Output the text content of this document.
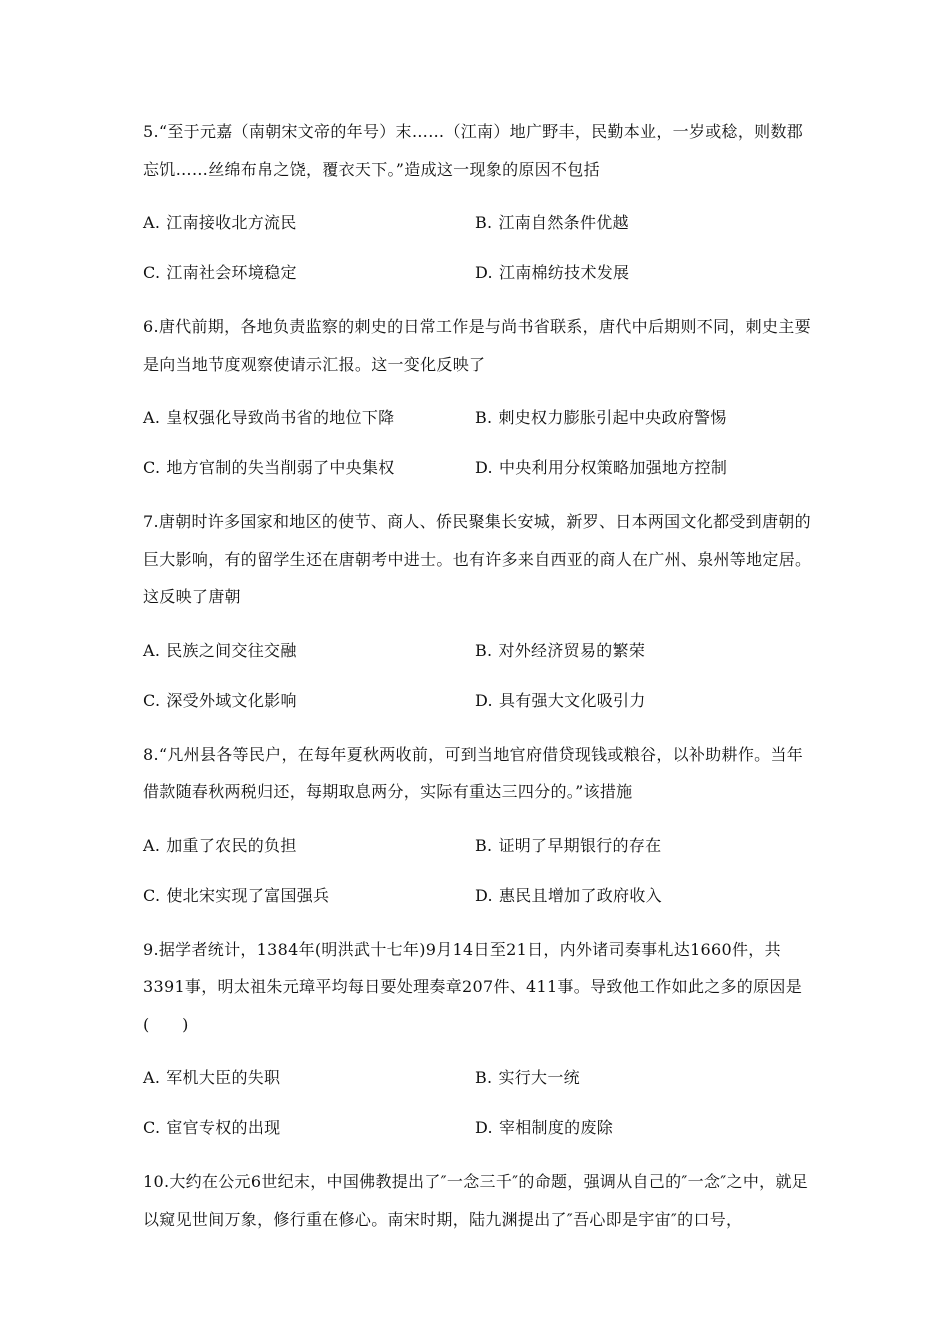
5.“至于元嘉（南朝宋文帝的年号）末……（江南）地广野丰，民勤本业，一岁或稔，则数郡忘饥……丝绵布帛之饶，覆衣天下。”造成这一现象的原因不包括

A. 江南接收北方流民	B. 江南自然条件优越
C. 江南社会环境稳定	D. 江南棉纺技术发展

6.唐代前期，各地负责监察的刺史的日常工作是与尚书省联系，唐代中后期则不同，刺史主要是向当地节度观察使请示汇报。这一变化反映了

A. 皇权强化导致尚书省的地位下降	B. 刺史权力膨胀引起中央政府警惕
C. 地方官制的失当削弱了中央集权	D. 中央利用分权策略加强地方控制

7.唐朝时许多国家和地区的使节、商人、侨民聚集长安城，新罗、日本两国文化都受到唐朝的巨大影响，有的留学生还在唐朝考中进士。也有许多来自西亚的商人在广州、泉州等地定居。这反映了唐朝

A. 民族之间交往交融	B. 对外经济贸易的繁荣
C. 深受外域文化影响	D. 具有强大文化吸引力

8.“凡州县各等民户，在每年夏秋两收前，可到当地官府借贷现钱或粮谷，以补助耕作。当年借款随春秋两税归还，每期取息两分，实际有重达三四分的。”该措施

A. 加重了农民的负担	B. 证明了早期银行的存在
C. 使北宋实现了富国强兵	D. 惠民且增加了政府收入

9.据学者统计，1384年(明洪武十七年)9月14日至21日，内外诸司奏事札达1660件，共3391事，明太祖朱元璋平均每日要处理奏章207件、411事。导致他工作如此之多的原因是(　　)

A. 军机大臣的失职	B. 实行大一统
C. 宦官专权的出现	D. 宰相制度的废除

10.大约在公元6世纪末，中国佛教提出了″一念三千″的命题，强调从自己的″一念″之中，就足以窥见世间万象，修行重在修心。南宋时期，陆九渊提出了″吾心即是宇宙″的口号，
